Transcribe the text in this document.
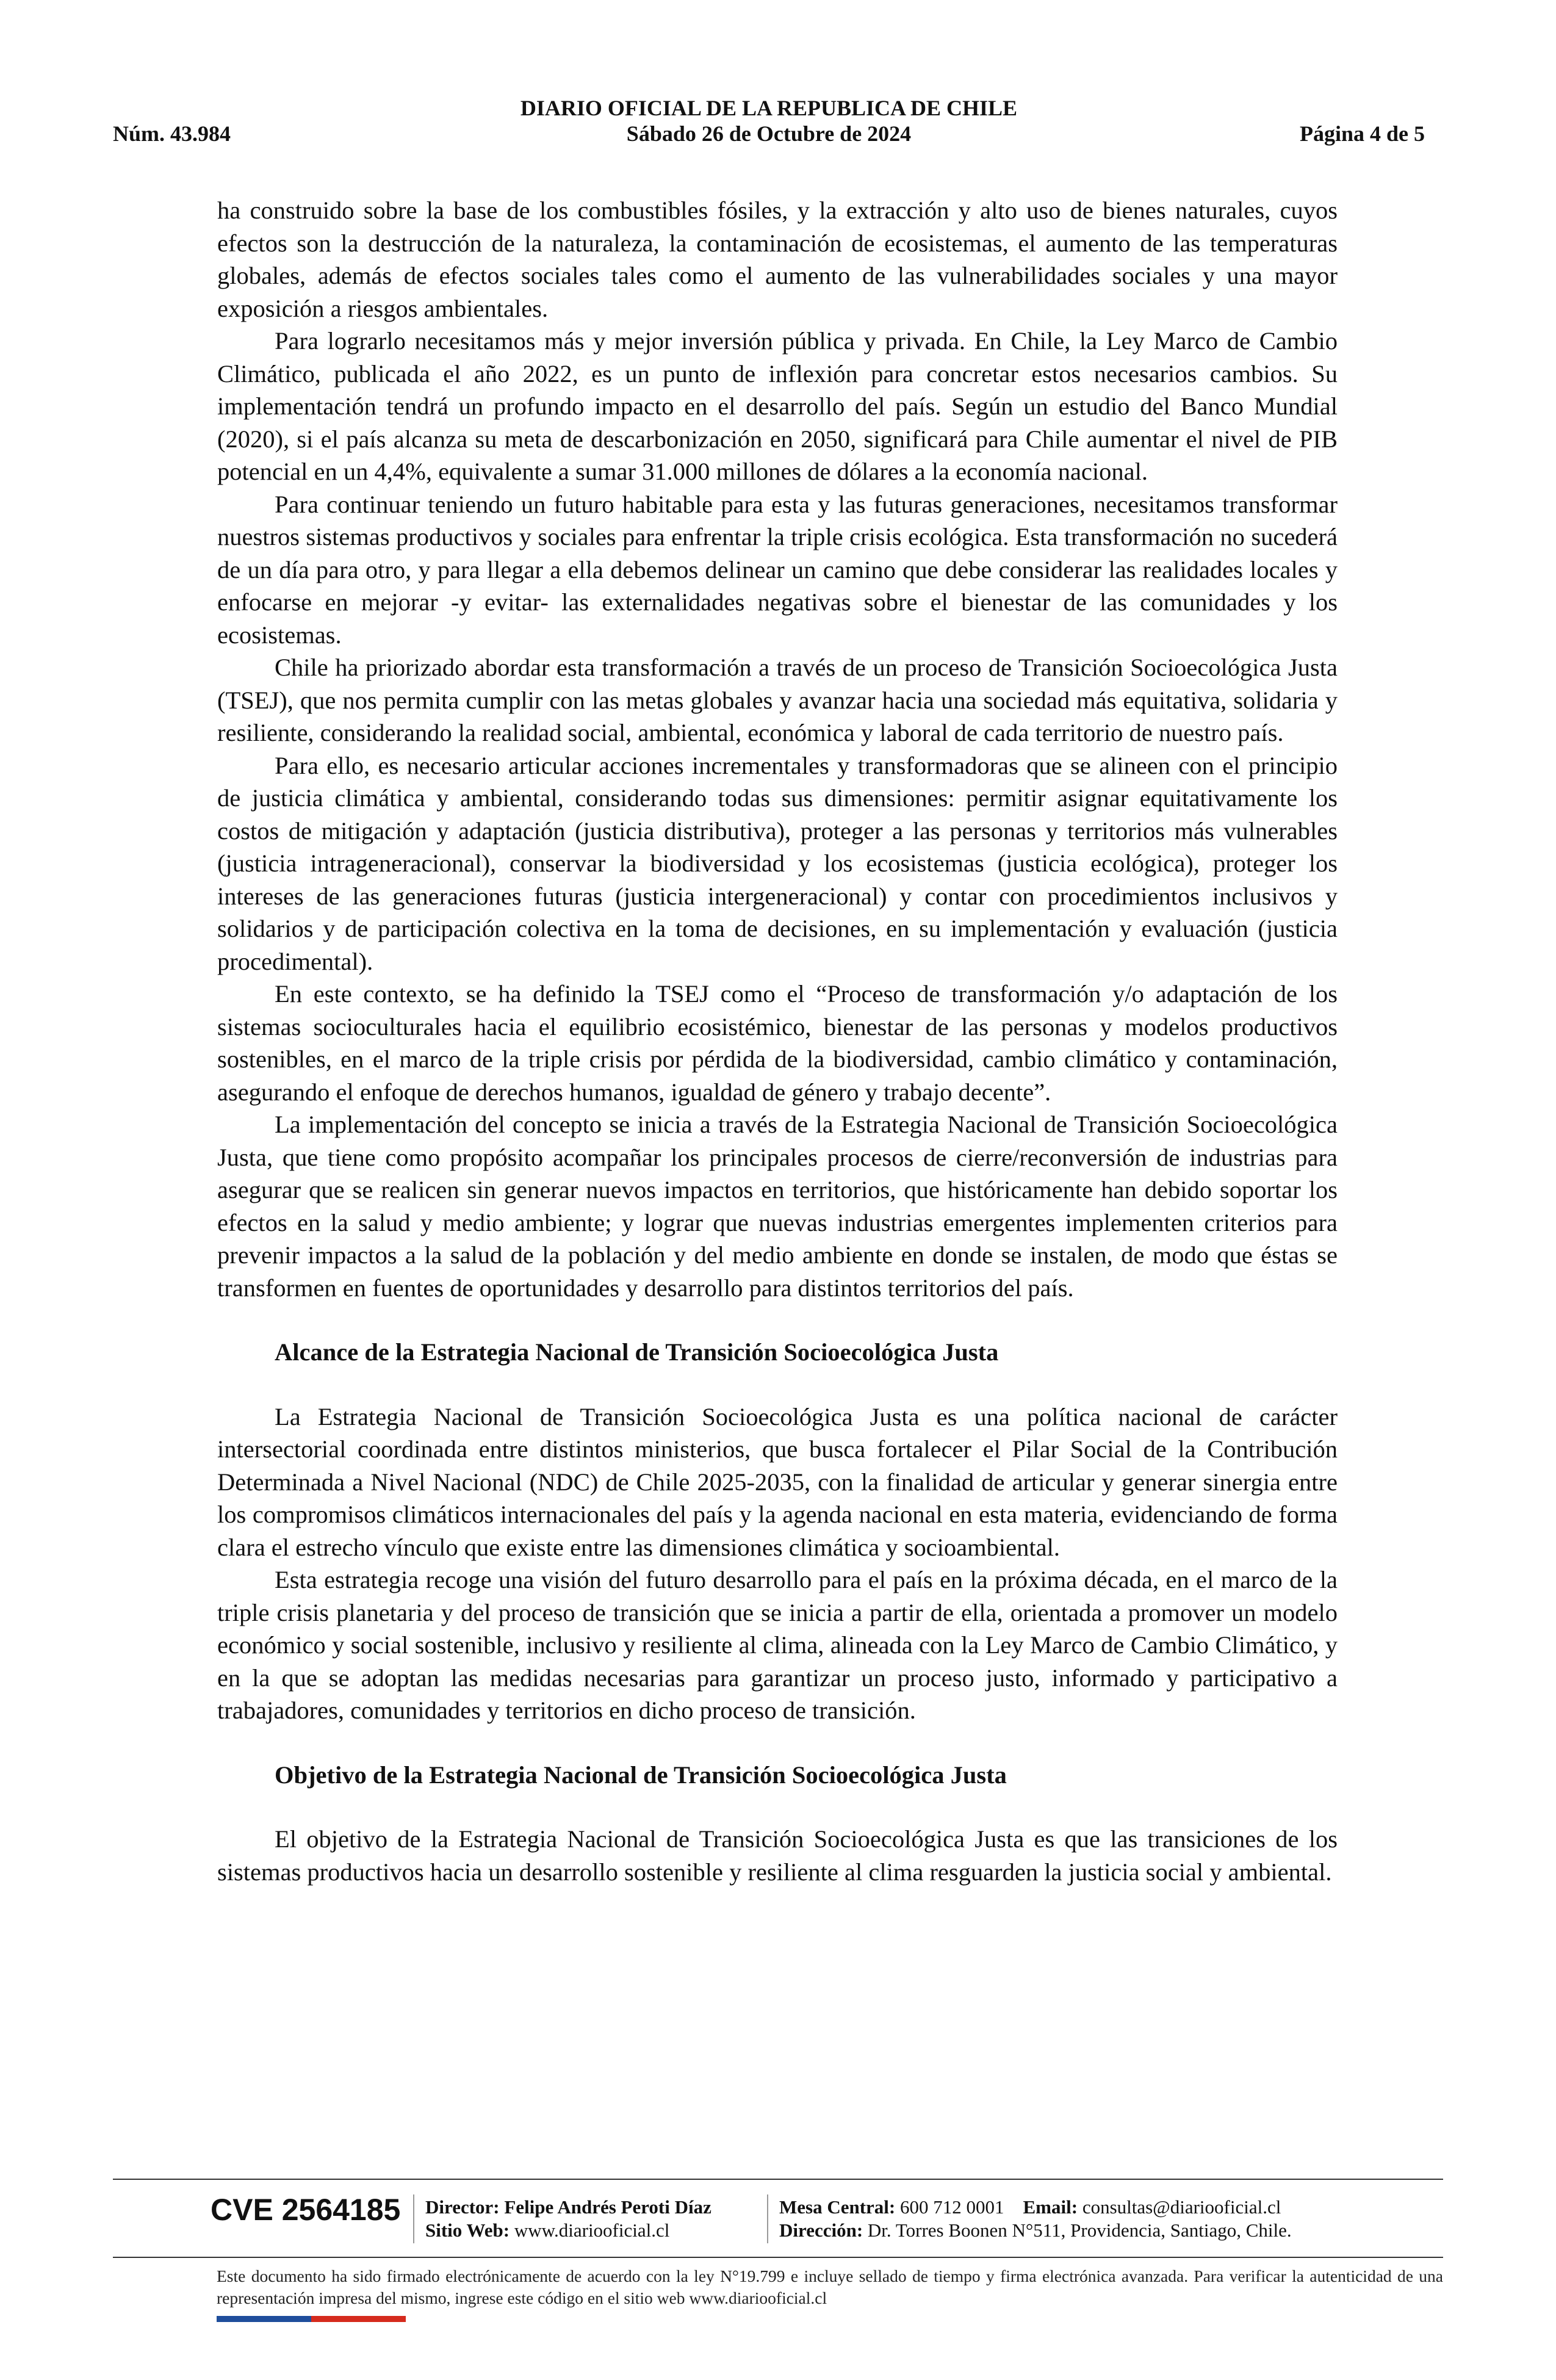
DIARIO OFICIAL DE LA REPUBLICA DE CHILE
Núm. 43.984	Sábado 26 de Octubre de 2024	Página 4 de 5

ha construido sobre la base de los combustibles fósiles, y la extracción y alto uso de bienes naturales, cuyos efectos son la destrucción de la naturaleza, la contaminación de ecosistemas, el aumento de las temperaturas globales, además de efectos sociales tales como el aumento de las vulnerabilidades sociales y una mayor exposición a riesgos ambientales.

Para lograrlo necesitamos más y mejor inversión pública y privada. En Chile, la Ley Marco de Cambio Climático, publicada el año 2022, es un punto de inflexión para concretar estos necesarios cambios. Su implementación tendrá un profundo impacto en el desarrollo del país. Según un estudio del Banco Mundial (2020), si el país alcanza su meta de descarbonización en 2050, significará para Chile aumentar el nivel de PIB potencial en un 4,4%, equivalente a sumar 31.000 millones de dólares a la economía nacional.

Para continuar teniendo un futuro habitable para esta y las futuras generaciones, necesitamos transformar nuestros sistemas productivos y sociales para enfrentar la triple crisis ecológica. Esta transformación no sucederá de un día para otro, y para llegar a ella debemos delinear un camino que debe considerar las realidades locales y enfocarse en mejorar -y evitar- las externalidades negativas sobre el bienestar de las comunidades y los ecosistemas.

Chile ha priorizado abordar esta transformación a través de un proceso de Transición Socioecológica Justa (TSEJ), que nos permita cumplir con las metas globales y avanzar hacia una sociedad más equitativa, solidaria y resiliente, considerando la realidad social, ambiental, económica y laboral de cada territorio de nuestro país.

Para ello, es necesario articular acciones incrementales y transformadoras que se alineen con el principio de justicia climática y ambiental, considerando todas sus dimensiones: permitir asignar equitativamente los costos de mitigación y adaptación (justicia distributiva), proteger a las personas y territorios más vulnerables (justicia intrageneracional), conservar la biodiversidad y los ecosistemas (justicia ecológica), proteger los intereses de las generaciones futuras (justicia intergeneracional) y contar con procedimientos inclusivos y solidarios y de participación colectiva en la toma de decisiones, en su implementación y evaluación (justicia procedimental).

En este contexto, se ha definido la TSEJ como el “Proceso de transformación y/o adaptación de los sistemas socioculturales hacia el equilibrio ecosistémico, bienestar de las personas y modelos productivos sostenibles, en el marco de la triple crisis por pérdida de la biodiversidad, cambio climático y contaminación, asegurando el enfoque de derechos humanos, igualdad de género y trabajo decente”.

La implementación del concepto se inicia a través de la Estrategia Nacional de Transición Socioecológica Justa, que tiene como propósito acompañar los principales procesos de cierre/reconversión de industrias para asegurar que se realicen sin generar nuevos impactos en territorios, que históricamente han debido soportar los efectos en la salud y medio ambiente; y lograr que nuevas industrias emergentes implementen criterios para prevenir impactos a la salud de la población y del medio ambiente en donde se instalen, de modo que éstas se transformen en fuentes de oportunidades y desarrollo para distintos territorios del país.

Alcance de la Estrategia Nacional de Transición Socioecológica Justa

La Estrategia Nacional de Transición Socioecológica Justa es una política nacional de carácter intersectorial coordinada entre distintos ministerios, que busca fortalecer el Pilar Social de la Contribución Determinada a Nivel Nacional (NDC) de Chile 2025-2035, con la finalidad de articular y generar sinergia entre los compromisos climáticos internacionales del país y la agenda nacional en esta materia, evidenciando de forma clara el estrecho vínculo que existe entre las dimensiones climática y socioambiental.

Esta estrategia recoge una visión del futuro desarrollo para el país en la próxima década, en el marco de la triple crisis planetaria y del proceso de transición que se inicia a partir de ella, orientada a promover un modelo económico y social sostenible, inclusivo y resiliente al clima, alineada con la Ley Marco de Cambio Climático, y en la que se adoptan las medidas necesarias para garantizar un proceso justo, informado y participativo a trabajadores, comunidades y territorios en dicho proceso de transición.

Objetivo de la Estrategia Nacional de Transición Socioecológica Justa

El objetivo de la Estrategia Nacional de Transición Socioecológica Justa es que las transiciones de los sistemas productivos hacia un desarrollo sostenible y resiliente al clima resguarden la justicia social y ambiental.

CVE 2564185 Director: Felipe Andrés Peroti Díaz
Sitio Web: www.diariooficial.cl
Mesa Central: 600 712 0001 Email: consultas@diariooficial.cl
Dirección: Dr. Torres Boonen N°511, Providencia, Santiago, Chile.
Este documento ha sido firmado electrónicamente de acuerdo con la ley N°19.799 e incluye sellado de tiempo y firma electrónica avanzada. Para verificar la autenticidad de una representación impresa del mismo, ingrese este código en el sitio web www.diariooficial.cl
